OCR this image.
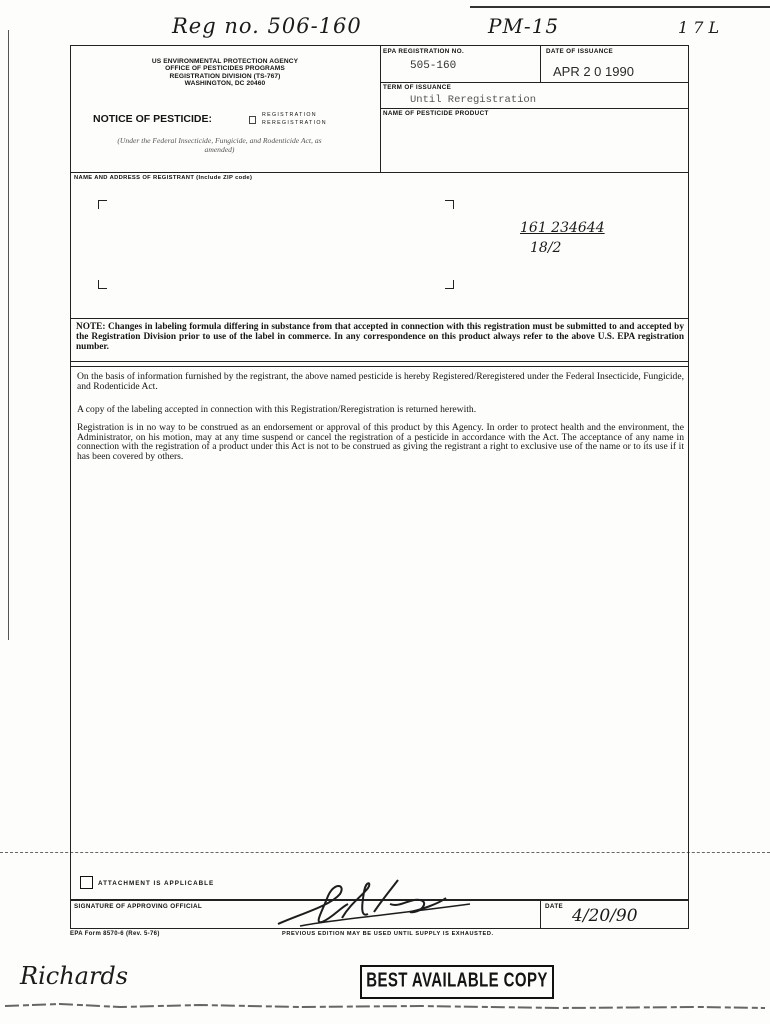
Reg no. 506-160	PM-15	1 7 L
US ENVIRONMENTAL PROTECTION AGENCY
OFFICE OF PESTICIDES PROGRAMS
REGISTRATION DIVISION (TS-767)
WASHINGTON, DC 20460
NOTICE OF PESTICIDE:	REGISTRATION
REREGISTRATION
(Under the Federal Insecticide, Fungicide, and Rodenticide Act, as amended)
EPA REGISTRATION NO.
505-160
DATE OF ISSUANCE
APR 2 0 1990
TERM OF ISSUANCE
Until Reregistration
NAME OF PESTICIDE PRODUCT
NAME AND ADDRESS OF REGISTRANT (Include ZIP code)
161 234644
18/2
NOTE: Changes in labeling formula differing in substance from that accepted in connection with this registration must be submitted to and accepted by the Registration Division prior to use of the label in commerce. In any correspondence on this product always refer to the above U.S. EPA registration number.
On the basis of information furnished by the registrant, the above named pesticide is hereby Registered/Reregistered under the Federal Insecticide, Fungicide, and Rodenticide Act.
A copy of the labeling accepted in connection with this Registration/Reregistration is returned herewith.
Registration is in no way to be construed as an endorsement or approval of this product by this Agency. In order to protect health and the environment, the Administrator, on his motion, may at any time suspend or cancel the registration of a pesticide in accordance with the Act. The acceptance of any name in connection with the registration of a product under this Act is not to be construed as giving the registrant a right to exclusive use of the name or to its use if it has been covered by others.
ATTACHMENT IS APPLICABLE
SIGNATURE OF APPROVING OFFICIAL	DATE 4/20/90
EPA Form 8570-6 (Rev. 5-76)	PREVIOUS EDITION MAY BE USED UNTIL SUPPLY IS EXHAUSTED.
Richards	BEST AVAILABLE COPY
